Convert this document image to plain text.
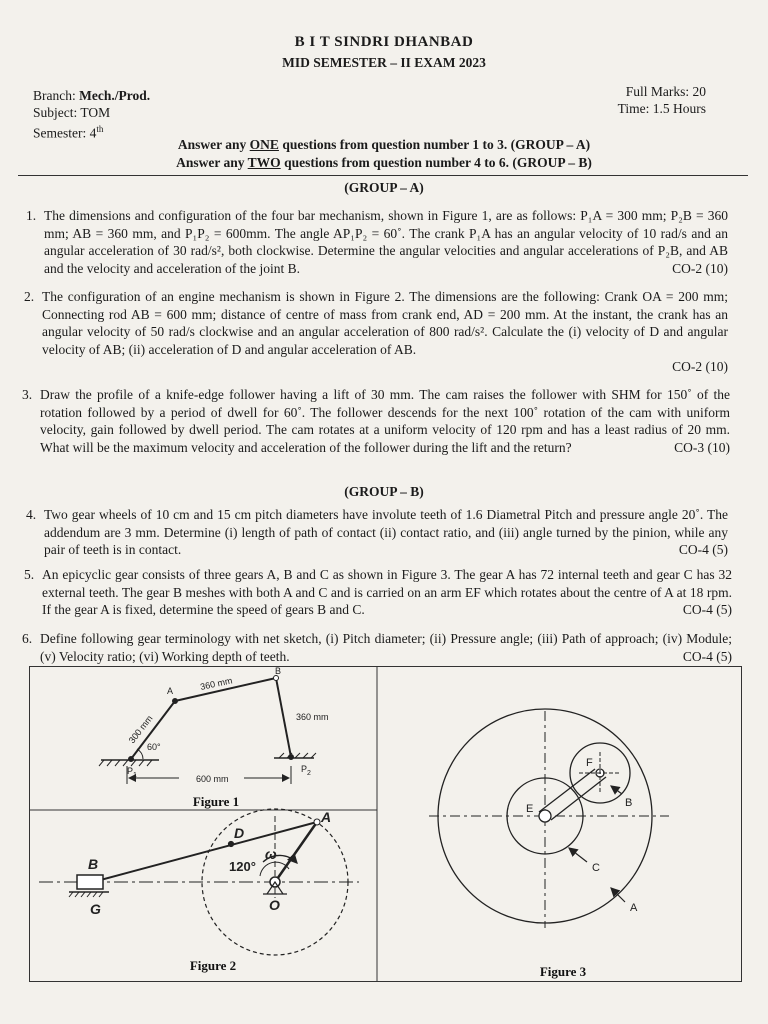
B I T SINDRI DHANBAD
MID SEMESTER – II EXAM 2023
Branch: Mech./Prod.
Subject: TOM
Semester: 4th
Full Marks: 20
Time: 1.5 Hours
Answer any ONE questions from question number 1 to 3. (GROUP – A)
Answer any TWO questions from question number 4 to 6. (GROUP – B)
(GROUP – A)
1. The dimensions and configuration of the four bar mechanism, shown in Figure 1, are as follows: P₁A = 300 mm; P₂B = 360 mm; AB = 360 mm, and P₁P₂ = 600mm. The angle AP₁P₂ = 60˚. The crank P₁A has an angular velocity of 10 rad/s and an angular acceleration of 30 rad/s², both clockwise. Determine the angular velocities and angular accelerations of P₂B, and AB and the velocity and acceleration of the joint B.	CO-2 (10)
2. The configuration of an engine mechanism is shown in Figure 2. The dimensions are the following: Crank OA = 200 mm; Connecting rod AB = 600 mm; distance of centre of mass from crank end, AD = 200 mm. At the instant, the crank has an angular velocity of 50 rad/s clockwise and an angular acceleration of 800 rad/s². Calculate the (i) velocity of D and angular velocity of AB; (ii) acceleration of D and angular acceleration of AB.
CO-2 (10)
3. Draw the profile of a knife-edge follower having a lift of 30 mm. The cam raises the follower with SHM for 150˚ of the rotation followed by a period of dwell for 60˚. The follower descends for the next 100˚ rotation of the cam with uniform velocity, gain followed by dwell period. The cam rotates at a uniform velocity of 120 rpm and has a least radius of 20 mm. What will be the maximum velocity and acceleration of the follower during the lift and the return?	CO-3 (10)
(GROUP – B)
4. Two gear wheels of 10 cm and 15 cm pitch diameters have involute teeth of 1.6 Diametral Pitch and pressure angle 20˚. The addendum are 3 mm. Determine (i) length of path of contact (ii) contact ratio, and (iii) angle turned by the pinion, while any pair of teeth is in contact.	CO-4 (5)
5. An epicyclic gear consists of three gears A, B and C as shown in Figure 3. The gear A has 72 internal teeth and gear C has 32 external teeth. The gear B meshes with both A and C and is carried on an arm EF which rotates about the centre of A at 18 rpm. If the gear A is fixed, determine the speed of gears B and C.	CO-4 (5)
6. Define following gear terminology with net sketch, (i) Pitch diameter; (ii) Pressure angle; (iii) Path of approach; (iv) Module; (v) Velocity ratio; (vi) Working depth of teeth.	CO-4 (5)
A
B
360 mm
360 mm
300 mm
60°
$P_1$
$P_2$
600 mm
Figure 1
A
B
D
G	O
ω
120°
Figure 2
F
B
E
C
A
Figure 3
